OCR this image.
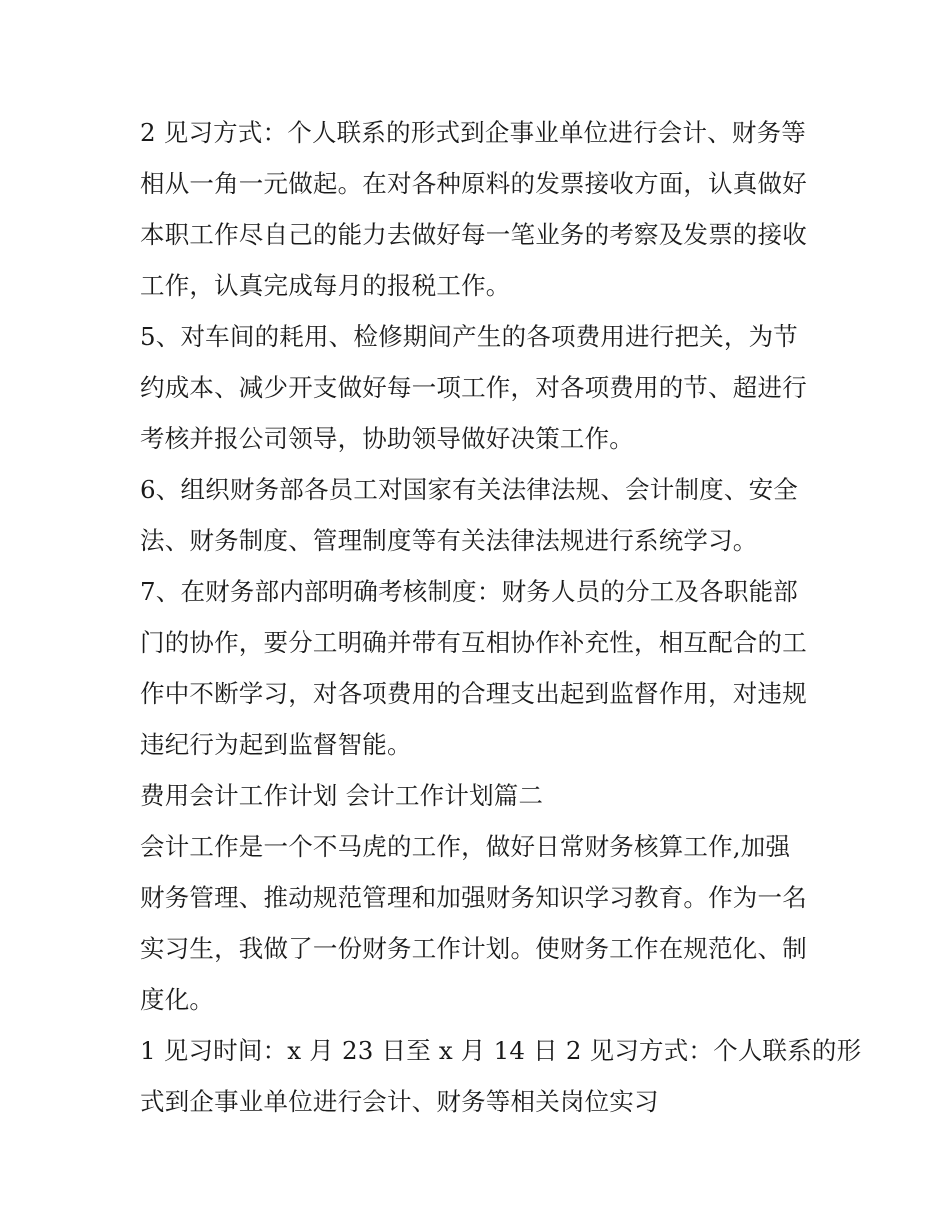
2 见习方式：个人联系的形式到企事业单位进行会计、财务等
相从一角一元做起。在对各种原料的发票接收方面，认真做好
本职工作尽自己的能力去做好每一笔业务的考察及发票的接收
工作，认真完成每月的报税工作。
5、对车间的耗用、检修期间产生的各项费用进行把关，为节
约成本、减少开支做好每一项工作，对各项费用的节、超进行
考核并报公司领导，协助领导做好决策工作。
6、组织财务部各员工对国家有关法律法规、会计制度、安全
法、财务制度、管理制度等有关法律法规进行系统学习。
7、在财务部内部明确考核制度：财务人员的分工及各职能部
门的协作，要分工明确并带有互相协作补充性，相互配合的工
作中不断学习，对各项费用的合理支出起到监督作用，对违规
违纪行为起到监督智能。
费用会计工作计划 会计工作计划篇二
会计工作是一个不马虎的工作，做好日常财务核算工作,加强
财务管理、推动规范管理和加强财务知识学习教育。作为一名
实习生，我做了一份财务工作计划。使财务工作在规范化、制
度化。
1 见习时间：x 月 23 日至 x 月 14 日 2 见习方式：个人联系的形
式到企事业单位进行会计、财务等相关岗位实习
